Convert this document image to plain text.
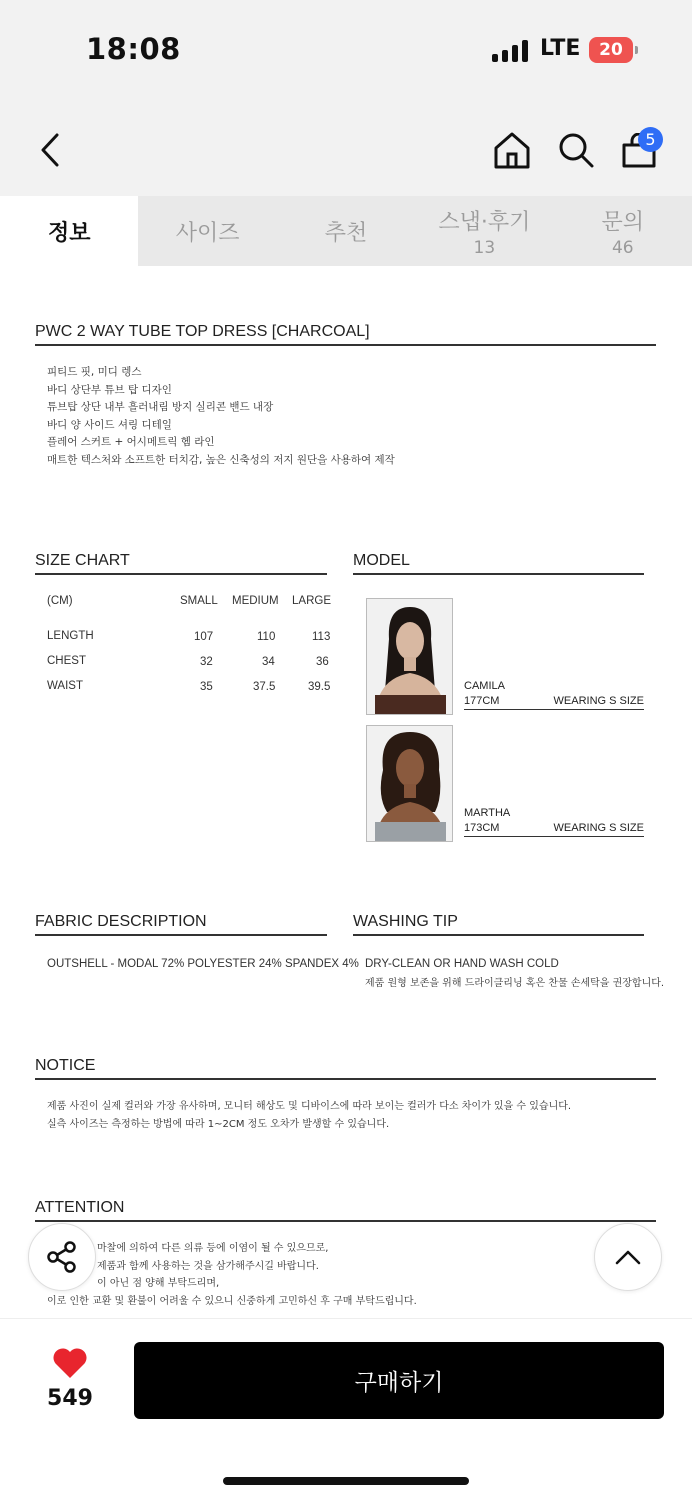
18:08	LTE	20
5
정보	사이즈	추천	스냅·후기
13
문의
46
PWC 2 WAY TUBE TOP DRESS [CHARCOAL]
피티드 핏, 미디 렝스
바디 상단부 튜브 탑 디자인
튜브탑 상단 내부 흘러내림 방지 실리콘 밴드 내장
바디 양 사이드 셔링 디테일
플레어 스커트 + 어시메트릭 헴 라인
매트한 텍스처와 소프트한 터치감, 높은 신축성의 저지 원단을 사용하여 제작
SIZE CHART
(CM)	SMALL MEDIUM LARGE
LENGTH	107	110	113
CHEST	32	34	36
WAIST	35	37.5	39.5
MODEL
CAMILA
177CM	WEARING S SIZE
MARTHA
173CM	WEARING S SIZE
FABRIC DESCRIPTION
OUTSHELL - MODAL 72% POLYESTER 24% SPANDEX 4%
WASHING TIP
DRY-CLEAN OR HAND WASH COLD
제품 원형 보존을 위해 드라이클리닝 혹은 찬물 손세탁을 권장합니다.
NOTICE
제품 사진이 실제 컬러와 가장 유사하며, 모니터 해상도 및 디바이스에 따라 보이는 컬러가 다소 차이가 있을 수 있습니다.
실측 사이즈는 측정하는 방법에 따라 1~2CM 정도 오차가 발생할 수 있습니다.
ATTENTION
마찰에 의하여 다른 의류 등에 이염이 될 수 있으므로,
제품과 함께 사용하는 것을 삼가해주시길 바랍니다.
이 아닌 점 양해 부탁드리며,
이로 인한 교환 및 환불이 어려울 수 있으니 신중하게 고민하신 후 구매 부탁드립니다.
549
구매하기
